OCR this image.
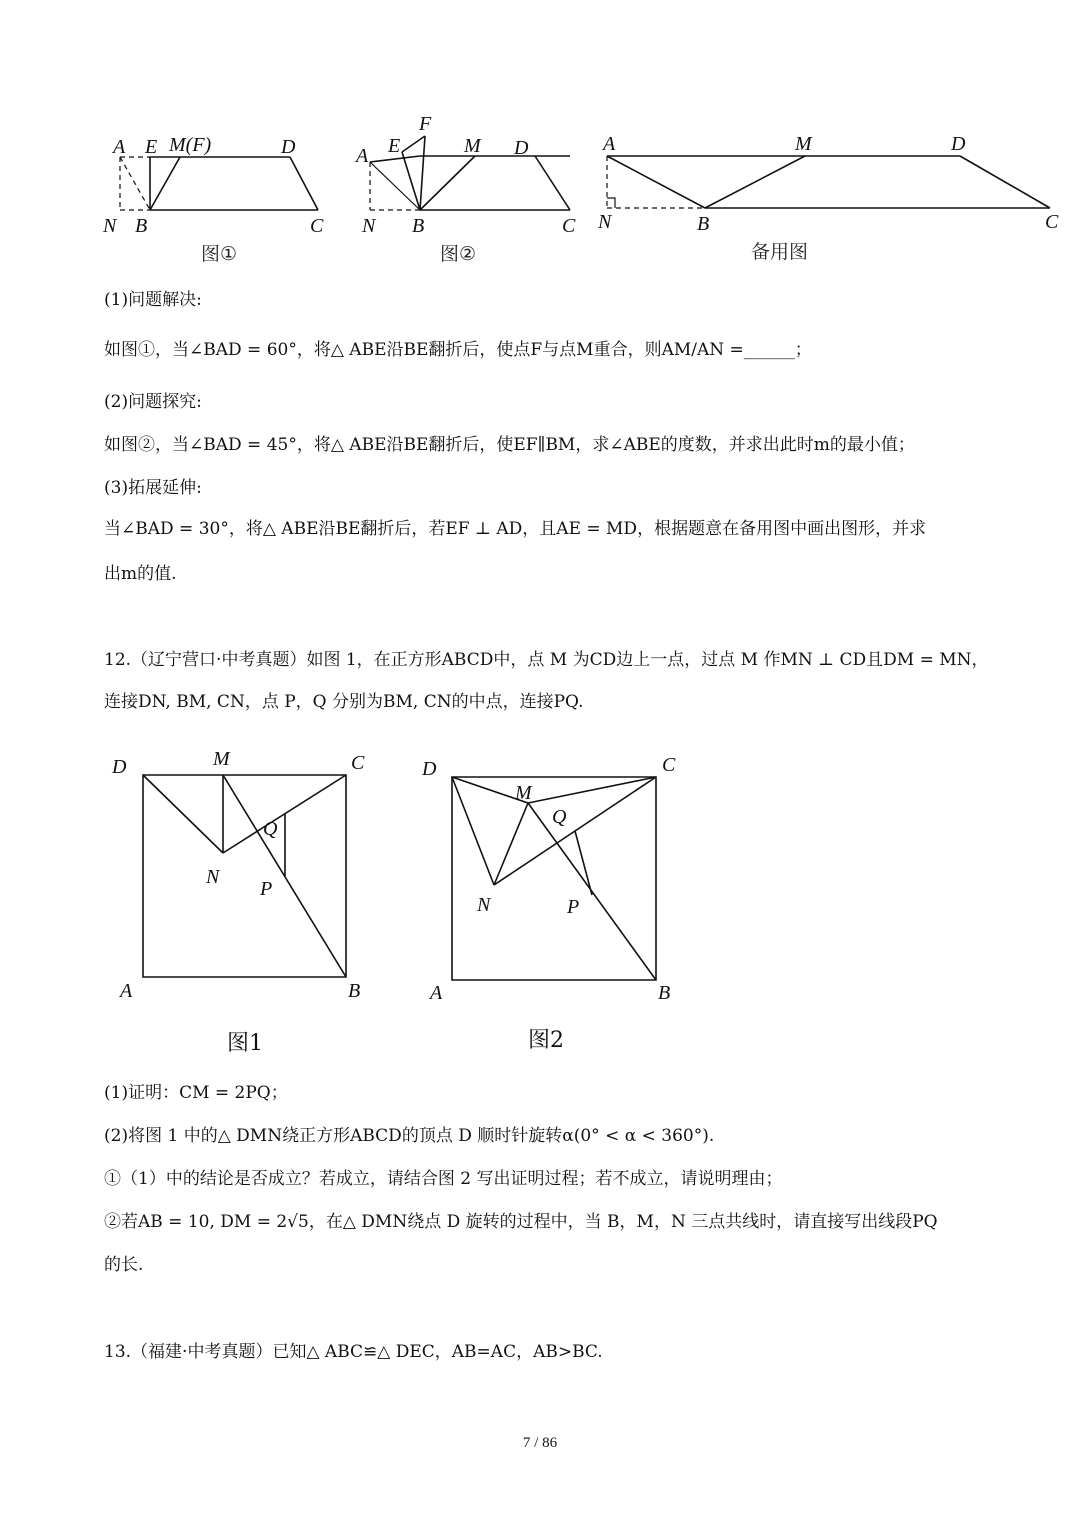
A E M(F)	D
N B	C
图①
F
E
A	M D
N B	C
图②
A	M	D
N	B	C
备用图
(1)问题解决:
如图①，当∠BAD = 60°，将△ ABE沿BE翻折后，使点F与点M重合，则AM/AN =______；
(2)问题探究:
如图②，当∠BAD = 45°，将△ ABE沿BE翻折后，使EF∥BM，求∠ABE的度数，并求出此时m的最小值；
(3)拓展延伸:
当∠BAD = 30°，将△ ABE沿BE翻折后，若EF ⊥ AD，且AE = MD，根据题意在备用图中画出图形，并求
出m的值.
12.（辽宁营口·中考真题）如图 1，在正方形ABCD中，点 M 为CD边上一点，过点 M 作MN ⊥ CD且DM = MN，
连接DN, BM, CN，点 P，Q 分别为BM, CN的中点，连接PQ.
D	M	C
Q
N
P
A	B
图1
D
M
C
Q
N	P
A	B
图2
(1)证明：CM = 2PQ；
(2)将图 1 中的△ DMN绕正方形ABCD的顶点 D 顺时针旋转α(0° < α < 360°).
①（1）中的结论是否成立？若成立，请结合图 2 写出证明过程；若不成立，请说明理由；
②若AB = 10, DM = 2√5，在△ DMN绕点 D 旋转的过程中，当 B，M，N 三点共线时，请直接写出线段PQ
的长.
13.（福建·中考真题）已知△ ABC≌△ DEC，AB=AC，AB>BC.
7 / 86
